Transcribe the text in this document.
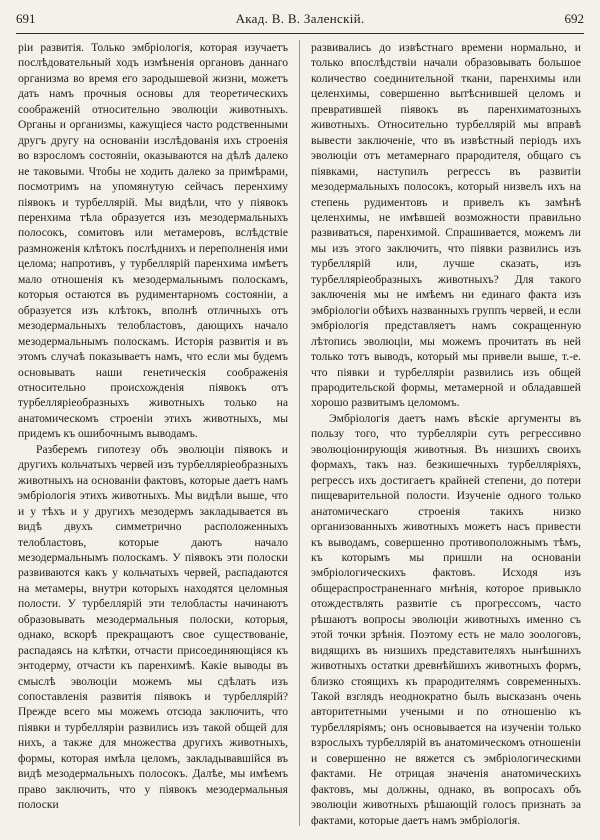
691	Акад. В. В. Заленскій.	692

ріи развитія. Только эмбріологія, которая изучаетъ послѣдовательный ходъ измѣненія органовъ даннаго организма во время его зародышевой жизни, можетъ дать намъ прочныя основы для теоретическихъ соображеній относительно эволюціи животныхъ. Органы и организмы, кажущіеся часто родственными другъ другу на основаніи изслѣдованія ихъ строенія во взросломъ состояніи, оказываются на дѣлѣ далеко не таковыми. Чтобы не ходить далеко за примѣрами, посмотримъ на упомянутую сейчасъ перенхиму піявокъ и турбеллярій. Мы видѣли, что у піявокъ перенхима тѣла образуется изъ мезодермальныхъ полосокъ, сомитовъ или метамеровъ, вслѣдствіе размноженія клѣтокъ послѣднихъ и переполненія ими целома; напротивъ, у турбеллярій паренхима имѣетъ мало отношенія къ мезодермальнымъ полоскамъ, которыя остаются въ рудиментарномъ состояніи, а образуется изъ клѣтокъ, вполнѣ отличныхъ отъ мезодермальныхъ телобластовъ, дающихъ начало мезодермальнымъ полоскамъ. Исторія развитія и въ этомъ случаѣ показываетъ намъ, что если мы будемъ основывать наши генетическія соображенія относительно происхожденія піявокъ отъ турбелляріеобразныхъ животныхъ только на анатомическомъ строеніи этихъ животныхъ, мы придемъ къ ошибочнымъ выводамъ.

Разберемъ гипотезу объ эволюціи піявокъ и другихъ кольчатыхъ червей изъ турбелляріеобразныхъ животныхъ на основаніи фактовъ, которые даетъ намъ эмбріологія этихъ животныхъ. Мы видѣли выше, что и у тѣхъ и у другихъ мезодермъ закладывается въ видѣ двухъ симметрично расположенныхъ телобластовъ, которые даютъ начало мезодермальнымъ полоскамъ. У піявокъ эти полоски развиваются какъ у кольчатыхъ червей, распадаются на метамеры, внутри которыхъ находятся целомныя полости. У турбеллярій эти телобласты начинаютъ образовывать мезодермальныя полоски, которыя, однако, вскорѣ прекращаютъ свое существованіе, распадаясь на клѣтки, отчасти присоединяющіяся къ энтодерму, отчасти къ паренхимѣ. Какіе выводы въ смыслѣ эволюціи можемъ мы сдѣлать изъ сопоставленія развитія піявокъ и турбеллярій? Прежде всего мы можемъ отсюда заключить, что піявки и турбелляріи развились изъ такой общей для нихъ, а также для множества другихъ животныхъ, формы, которая имѣла целомъ, закладывавшійся въ видѣ мезодермальныхъ полосокъ. Далѣе, мы имѣемъ право заключить, что у піявокъ мезодермальныя полоски

развивались до извѣстнаго времени нормально, и только впослѣдствіи начали образовывать большое количество соединительной ткани, паренхимы или целенхимы, совершенно вытѣснившей целомъ и превратившей піявокъ въ паренхиматозныхъ животныхъ. Относительно турбеллярій мы вправѣ вывести заключеніе, что въ извѣстный періодъ ихъ эволюціи отъ метамернаго прародителя, общаго съ піявками, наступилъ регрессъ въ развитіи мезодермальныхъ полосокъ, который низвелъ ихъ на степень рудиментовъ и привелъ къ замѣнѣ целенхимы, не имѣвшей возможности правильно развиваться, паренхимой. Спрашивается, можемъ ли мы изъ этого заключить, что піявки развились изъ турбеллярій или, лучше сказать, изъ турбелляріеобразныхъ животныхъ? Для такого заключенія мы не имѣемъ ни единаго факта изъ эмбріологіи обѣихъ названныхъ группъ червей, и если эмбріологія представляетъ намъ сокращенную лѣтопись эволюціи, мы можемъ прочитать въ ней только тотъ выводъ, который мы привели выше, т.-е. что піявки и турбелляріи развились изъ общей прародительской формы, метамерной и обладавшей хорошо развитымъ целомомъ.

Эмбріологія даетъ намъ вѣскіе аргументы въ пользу того, что турбелляріи суть регрессивно эволюціонирующія животныя. Въ низшихъ своихъ формахъ, такъ наз. безкишечныхъ турбелляріяхъ, регрессъ ихъ достигаетъ крайней степени, до потери пищеварительной полости. Изученіе одного только анатомическаго строенія такихъ низко организованныхъ животныхъ можетъ насъ привести къ выводамъ, совершенно противоположнымъ тѣмъ, къ которымъ мы пришли на основаніи эмбріологическихъ фактовъ. Исходя изъ общераспространеннаго мнѣнія, которое привыкло отождествлять развитіе съ прогрессомъ, часто рѣшаютъ вопросы эволюціи животныхъ именно съ этой точки зрѣнія. Поэтому есть не мало зоологовъ, видящихъ въ низшихъ представителяхъ нынѣшнихъ животныхъ остатки древнѣйшихъ животныхъ формъ, близко стоящихъ къ прародителямъ современныхъ. Такой взглядъ неоднократно былъ высказанъ очень авторитетными учеными и по отношенію къ турбелляріямъ; онъ основывается на изученіи только взрослыхъ турбеллярій въ анатомическомъ отношеніи и совершенно не вяжется съ эмбріологическими фактами. Не отрицая значенія анатомическихъ фактовъ, мы должны, однако, въ вопросахъ объ эволюціи животныхъ рѣшающій голосъ признать за фактами, которые даетъ намъ эмбріологія.
